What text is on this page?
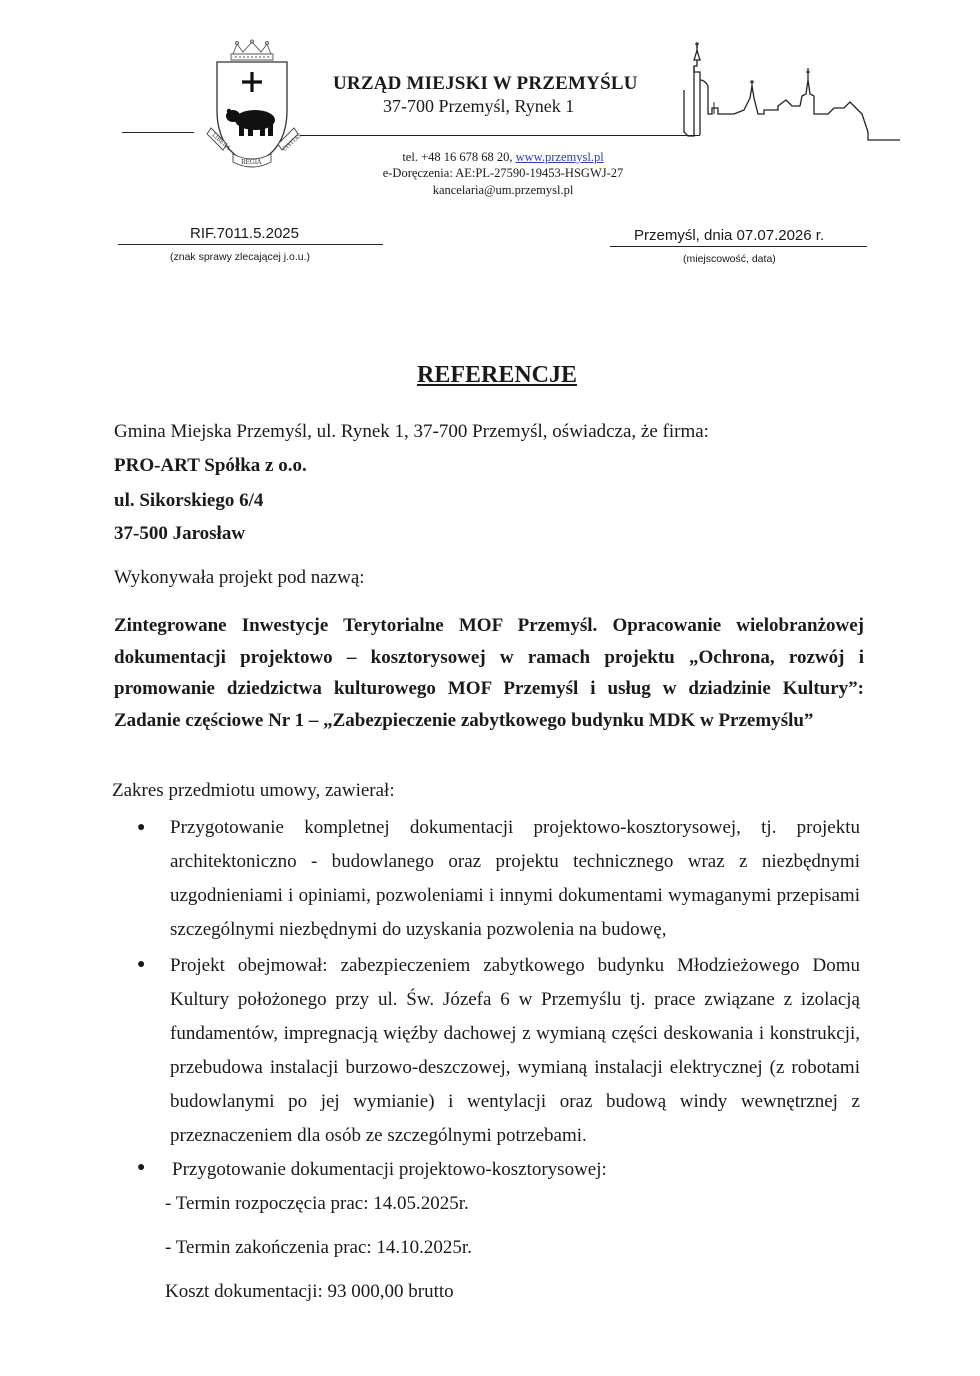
LIBERA	CIVITAS
REGIA
URZĄD MIEJSKI W PRZEMYŚLU
37-700 Przemyśl, Rynek 1
tel. +48 16 678 68 20, www.przemysl.pl
e-Doręczenia: AE:PL-27590-19453-HSGWJ-27
kancelaria@um.przemysl.pl
RIF.7011.5.2025
(znak sprawy zlecającej j.o.u.)
Przemyśl, dnia 07.07.2026 r.
(miejscowość, data)
REFERENCJE
Gmina Miejska Przemyśl, ul. Rynek 1, 37-700 Przemyśl, oświadcza, że firma:
PRO-ART Spółka z o.o.
ul. Sikorskiego 6/4
37-500 Jarosław
Wykonywała projekt pod nazwą:
Zintegrowane Inwestycje Terytorialne MOF Przemyśl. Opracowanie wielobranżowej dokumentacji projektowo – kosztorysowej w ramach projektu „Ochrona, rozwój i promowanie dziedzictwa kulturowego MOF Przemyśl i usług w dziadzinie Kultury”: Zadanie częściowe Nr 1 – „Zabezpieczenie zabytkowego budynku MDK w Przemyślu”
Zakres przedmiotu umowy, zawierał:
● Przygotowanie kompletnej dokumentacji projektowo-kosztorysowej, tj. projektu architektoniczno - budowlanego oraz projektu technicznego wraz z niezbędnymi uzgodnieniami i opiniami, pozwoleniami i innymi dokumentami wymaganymi przepisami szczególnymi niezbędnymi do uzyskania pozwolenia na budowę,
● Projekt obejmował: zabezpieczeniem zabytkowego budynku Młodzieżowego Domu Kultury położonego przy ul. Św. Józefa 6 w Przemyślu tj. prace związane z izolacją fundamentów, impregnacją więźby dachowej z wymianą części deskowania i konstrukcji, przebudowa instalacji burzowo-deszczowej, wymianą instalacji elektrycznej (z robotami budowlanymi po jej wymianie) i wentylacji oraz budową windy wewnętrznej z przeznaczeniem dla osób ze szczególnymi potrzebami.
● Przygotowanie dokumentacji projektowo-kosztorysowej:
- Termin rozpoczęcia prac: 14.05.2025r.
- Termin zakończenia prac: 14.10.2025r.
Koszt dokumentacji: 93 000,00 brutto
